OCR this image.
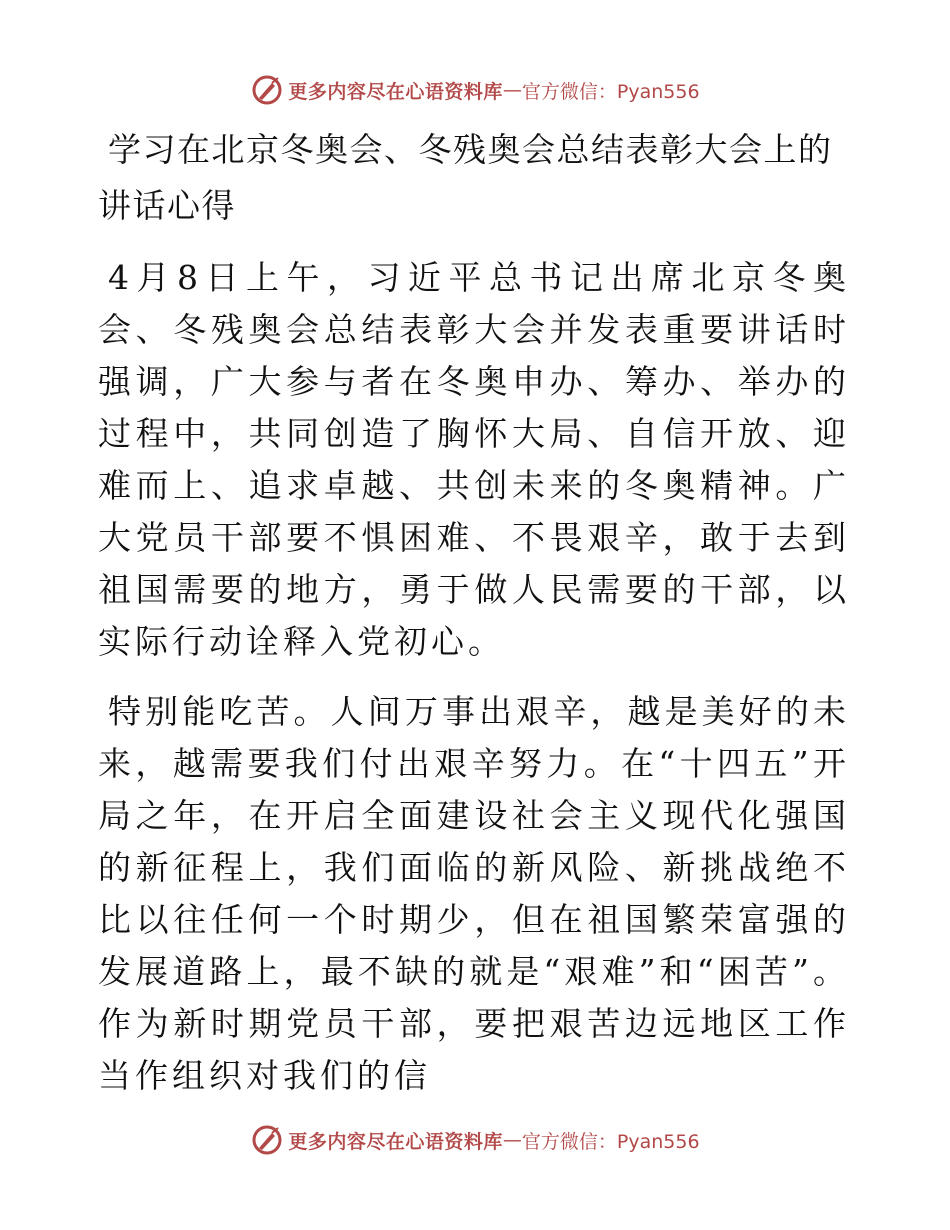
更多内容尽在心语资料库 — 官方微信：Pyan556
学习在北京冬奥会、冬残奥会总结表彰大会上的讲话心得

4月8日上午，习近平总书记出席北京冬奥会、冬残奥会总结表彰大会并发表重要讲话时强调，广大参与者在冬奥申办、筹办、举办的过程中，共同创造了胸怀大局、自信开放、迎难而上、追求卓越、共创未来的冬奥精神。广大党员干部要不惧困难、不畏艰辛，敢于去到祖国需要的地方，勇于做人民需要的干部，以实际行动诠释入党初心。

特别能吃苦。人间万事出艰辛，越是美好的未来，越需要我们付出艰辛努力。在“十四五”开局之年，在开启全面建设社会主义现代化强国的新征程上，我们面临的新风险、新挑战绝不比以往任何一个时期少，但在祖国繁荣富强的发展道路上，最不缺的就是“艰难”和“困苦”。作为新时期党员干部，要把艰苦边远地区工作当作组织对我们的信

更多内容尽在心语资料库 — 官方微信：Pyan556
